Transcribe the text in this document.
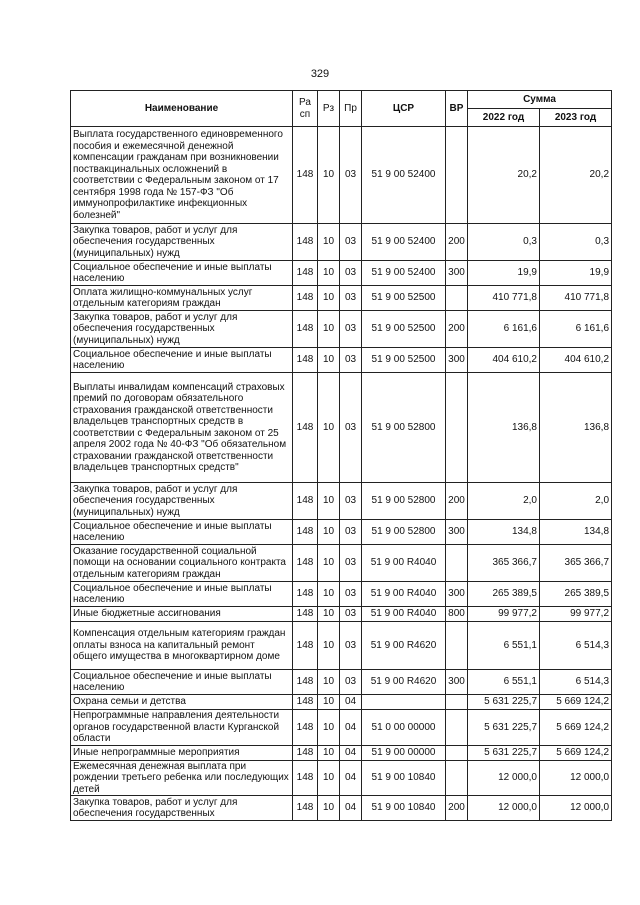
329
Наименование	Ра сп	Рз	Пр	ЦСР	ВР	Сумма	
						2022 год	2023 год
Выплата государственного единовременного пособия и ежемесячной денежной компенсации гражданам при возникновении поствакцинальных осложнений в соответствии с Федеральным законом от 17 сентября 1998 года № 157-ФЗ "Об иммунопрофилактике инфекционных болезней"	148	10	03	51 9 00 52400		20,2	20,2
Закупка товаров, работ и услуг для обеспечения государственных (муниципальных) нужд	148	10	03	51 9 00 52400	200	0,3	0,3
Социальное обеспечение и иные выплаты населению	148	10	03	51 9 00 52400	300	19,9	19,9
Оплата жилищно-коммунальных услуг отдельным категориям граждан	148	10	03	51 9 00 52500		410 771,8	410 771,8
Закупка товаров, работ и услуг для обеспечения государственных (муниципальных) нужд	148	10	03	51 9 00 52500	200	6 161,6	6 161,6
Социальное обеспечение и иные выплаты населению	148	10	03	51 9 00 52500	300	404 610,2	404 610,2
Выплаты инвалидам компенсаций страховых премий по договорам обязательного страхования гражданской ответственности владельцев транспортных средств в соответствии с Федеральным законом от 25 апреля 2002 года № 40-ФЗ "Об обязательном страховании гражданской ответственности владельцев транспортных средств"	148	10	03	51 9 00 52800		136,8	136,8
Закупка товаров, работ и услуг для обеспечения государственных (муниципальных) нужд	148	10	03	51 9 00 52800	200	2,0	2,0
Социальное обеспечение и иные выплаты населению	148	10	03	51 9 00 52800	300	134,8	134,8
Оказание государственной социальной помощи на основании социального контракта отдельным категориям граждан	148	10	03	51 9 00 R4040		365 366,7	365 366,7
Социальное обеспечение и иные выплаты населению	148	10	03	51 9 00 R4040	300	265 389,5	265 389,5
Иные бюджетные ассигнования	148	10	03	51 9 00 R4040	800	99 977,2	99 977,2
Компенсация отдельным категориям граждан оплаты взноса на капитальный ремонт общего имущества в многоквартирном доме	148	10	03	51 9 00 R4620		6 551,1	6 514,3
Социальное обеспечение и иные выплаты населению	148	10	03	51 9 00 R4620	300	6 551,1	6 514,3
Охрана семьи и детства	148	10	04			5 631 225,7	5 669 124,2
Непрограммные направления деятельности органов государственной власти Курганской области	148	10	04	51 0 00 00000		5 631 225,7	5 669 124,2
Иные непрограммные мероприятия	148	10	04	51 9 00 00000		5 631 225,7	5 669 124,2
Ежемесячная денежная выплата при рождении третьего ребенка или последующих детей	148	10	04	51 9 00 10840		12 000,0	12 000,0
Закупка товаров, работ и услуг для обеспечения государственных	148	10	04	51 9 00 10840	200	12 000,0	12 000,0
